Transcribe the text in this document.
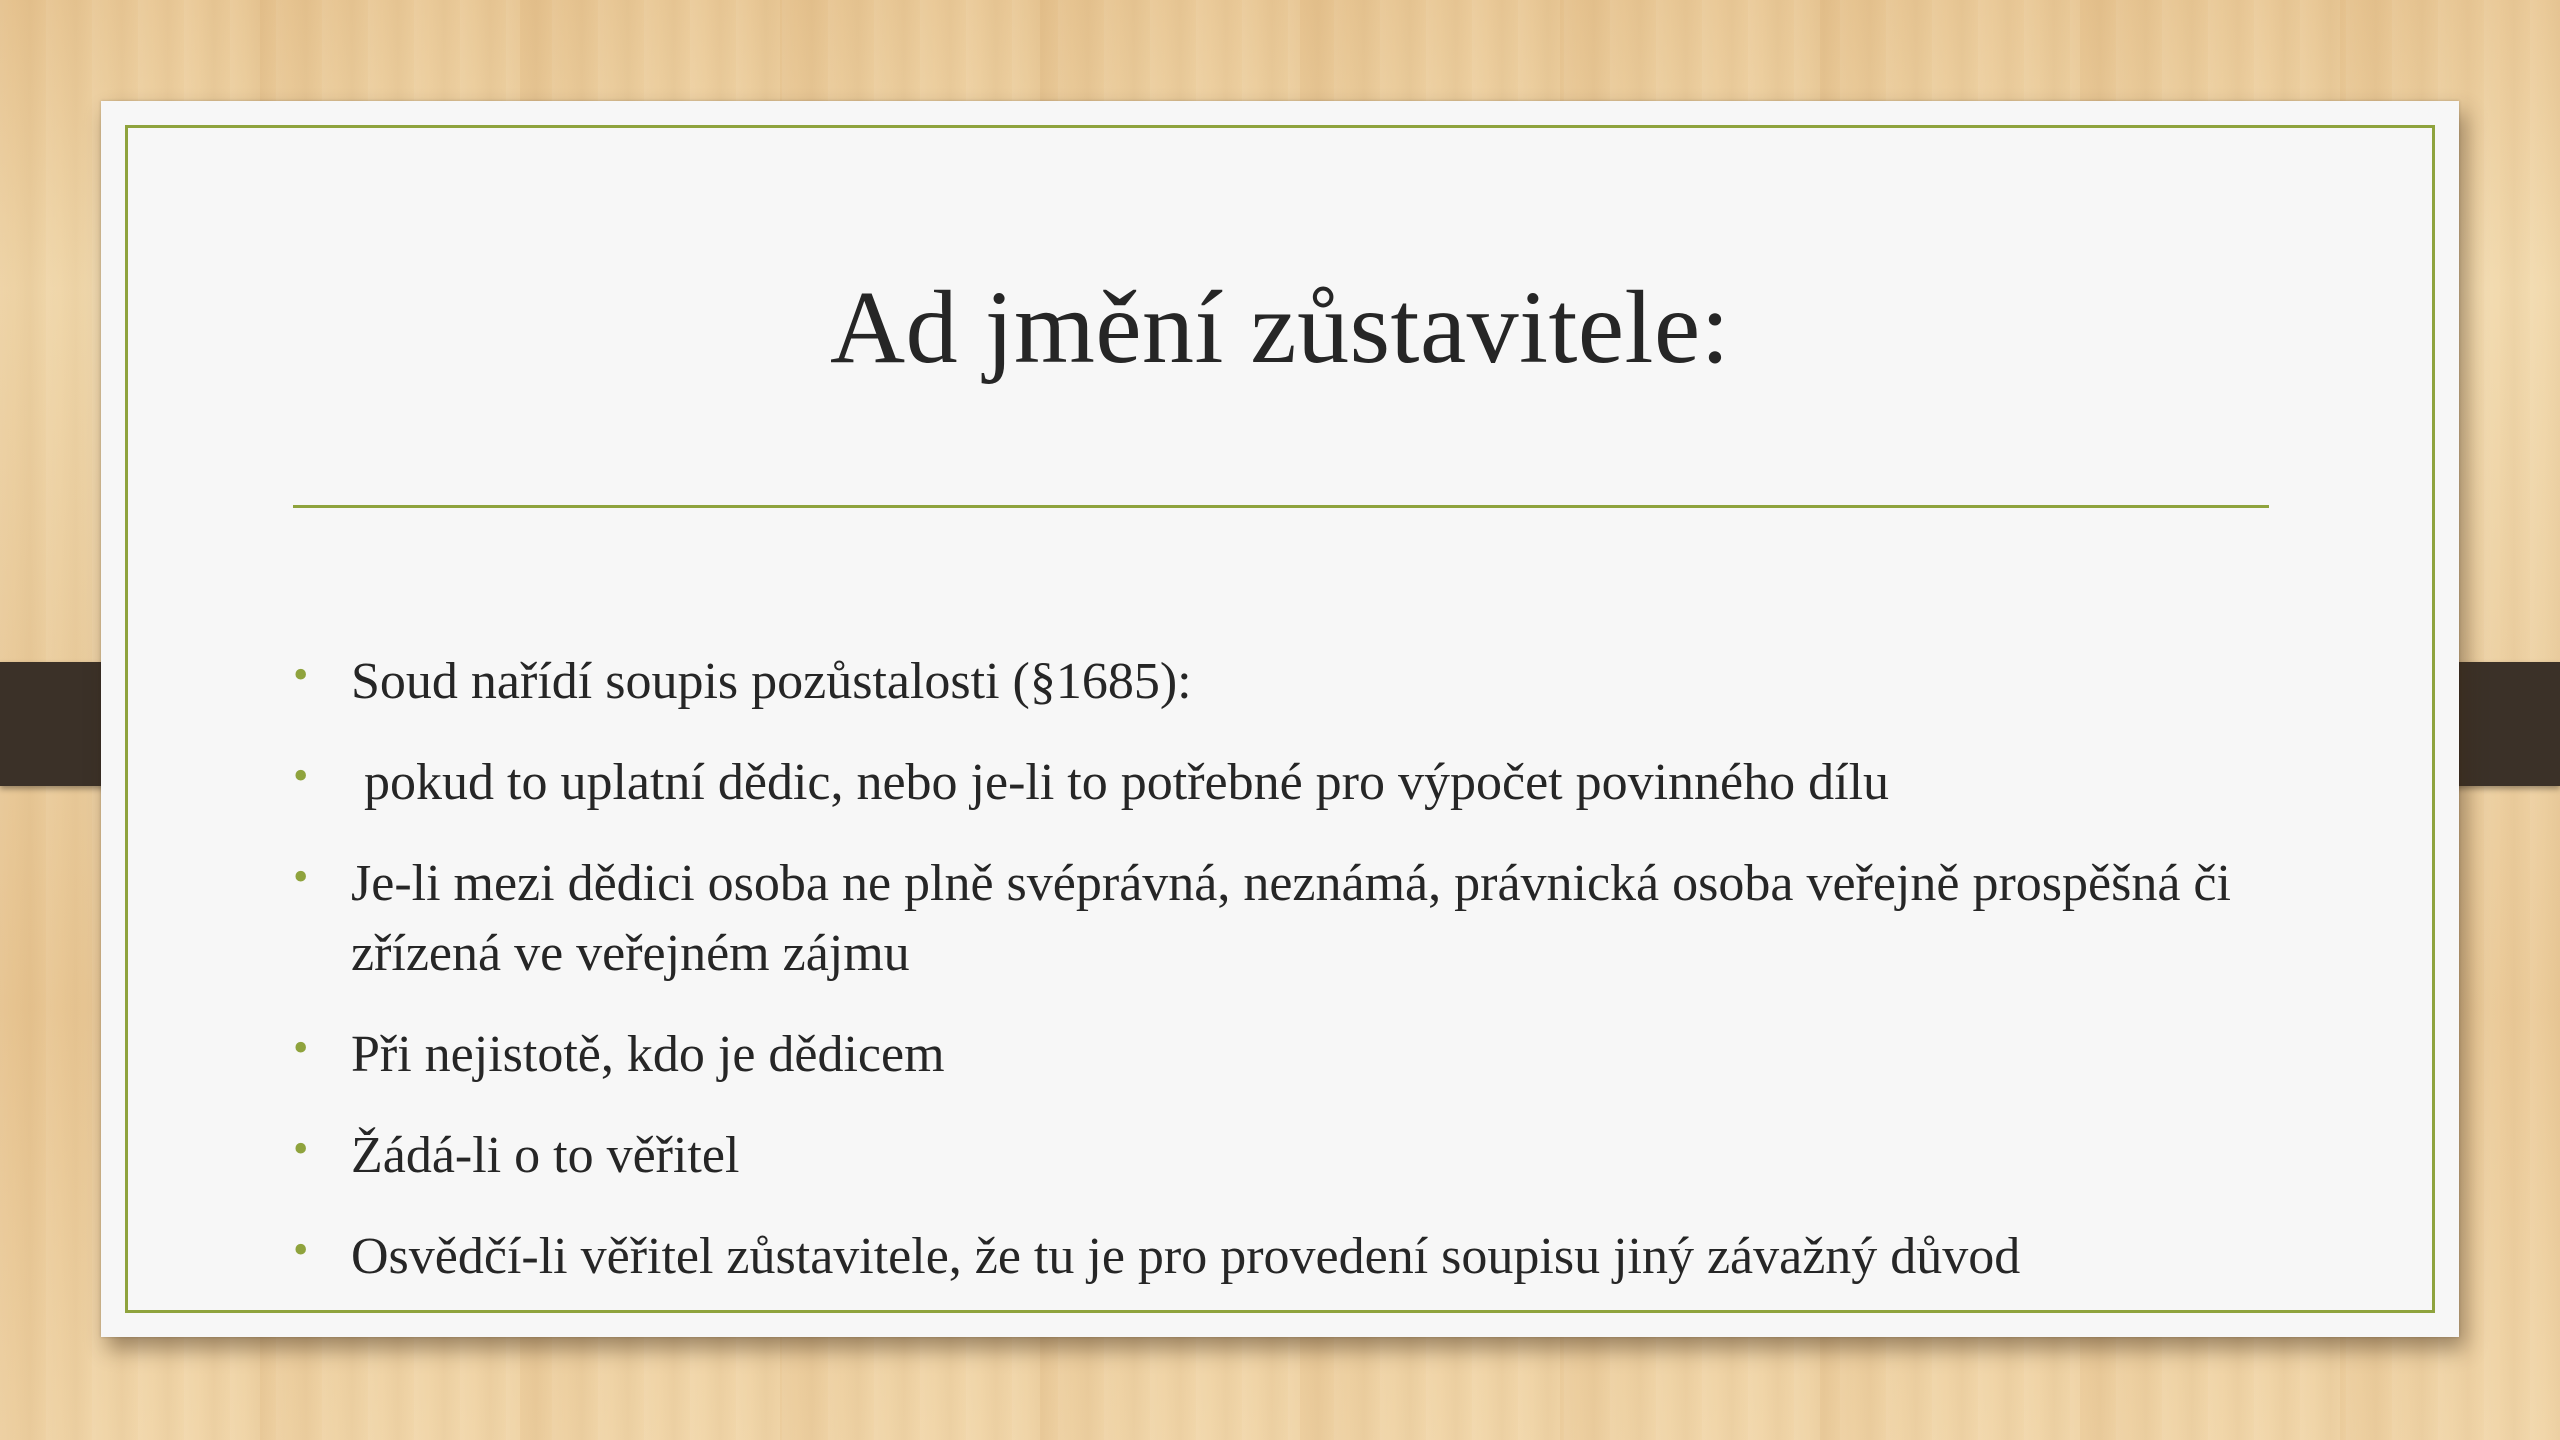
Ad jmění zůstavitele:
• Soud nařídí soupis pozůstalosti (§1685):
• pokud to uplatní dědic, nebo je-li to potřebné pro výpočet povinného dílu
• Je-li mezi dědici osoba ne plně svéprávná, neznámá, právnická osoba veřejně prospěšná či zřízená ve veřejném zájmu
• Při nejistotě, kdo je dědicem
• Žádá-li o to věřitel
• Osvědčí-li věřitel zůstavitele, že tu je pro provedení soupisu jiný závažný důvod
